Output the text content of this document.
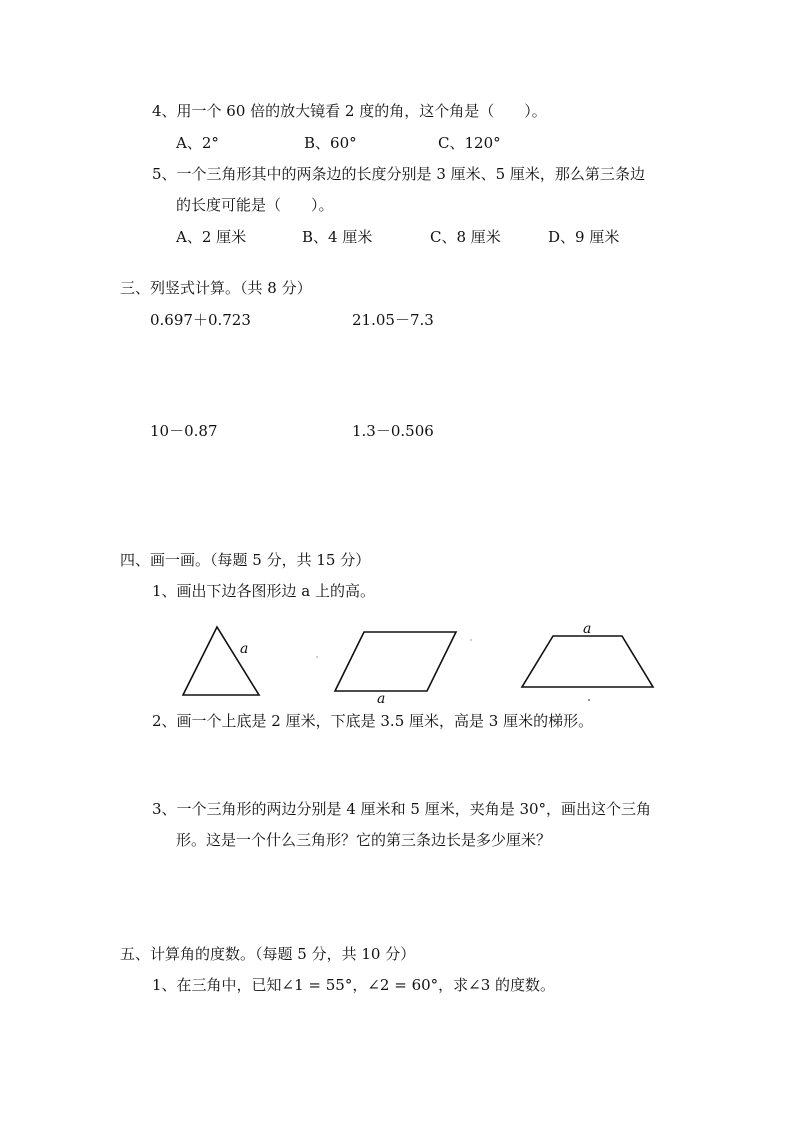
4、用一个 60 倍的放大镜看 2 度的角，这个角是（　　）。
A、2°	B、60°	C、120°
5、一个三角形其中的两条边的长度分别是 3 厘米、5 厘米，那么第三条边
的长度可能是（　　）。
A、2 厘米	B、4 厘米	C、8 厘米	D、9 厘米
三、列竖式计算。（共 8 分）
0.697＋0.723	21.05－7.3
10－0.87	1.3－0.506
四、画一画。（每题 5 分，共 15 分）
1、画出下边各图形边 a 上的高。
a
a
a
2、画一个上底是 2 厘米，下底是 3.5 厘米，高是 3 厘米的梯形。
3、一个三角形的两边分别是 4 厘米和 5 厘米，夹角是 30°，画出这个三角
形。这是一个什么三角形？它的第三条边长是多少厘米？
五、计算角的度数。（每题 5 分，共 10 分）
1、在三角中，已知∠1 = 55°，∠2 = 60°，求∠3 的度数。
